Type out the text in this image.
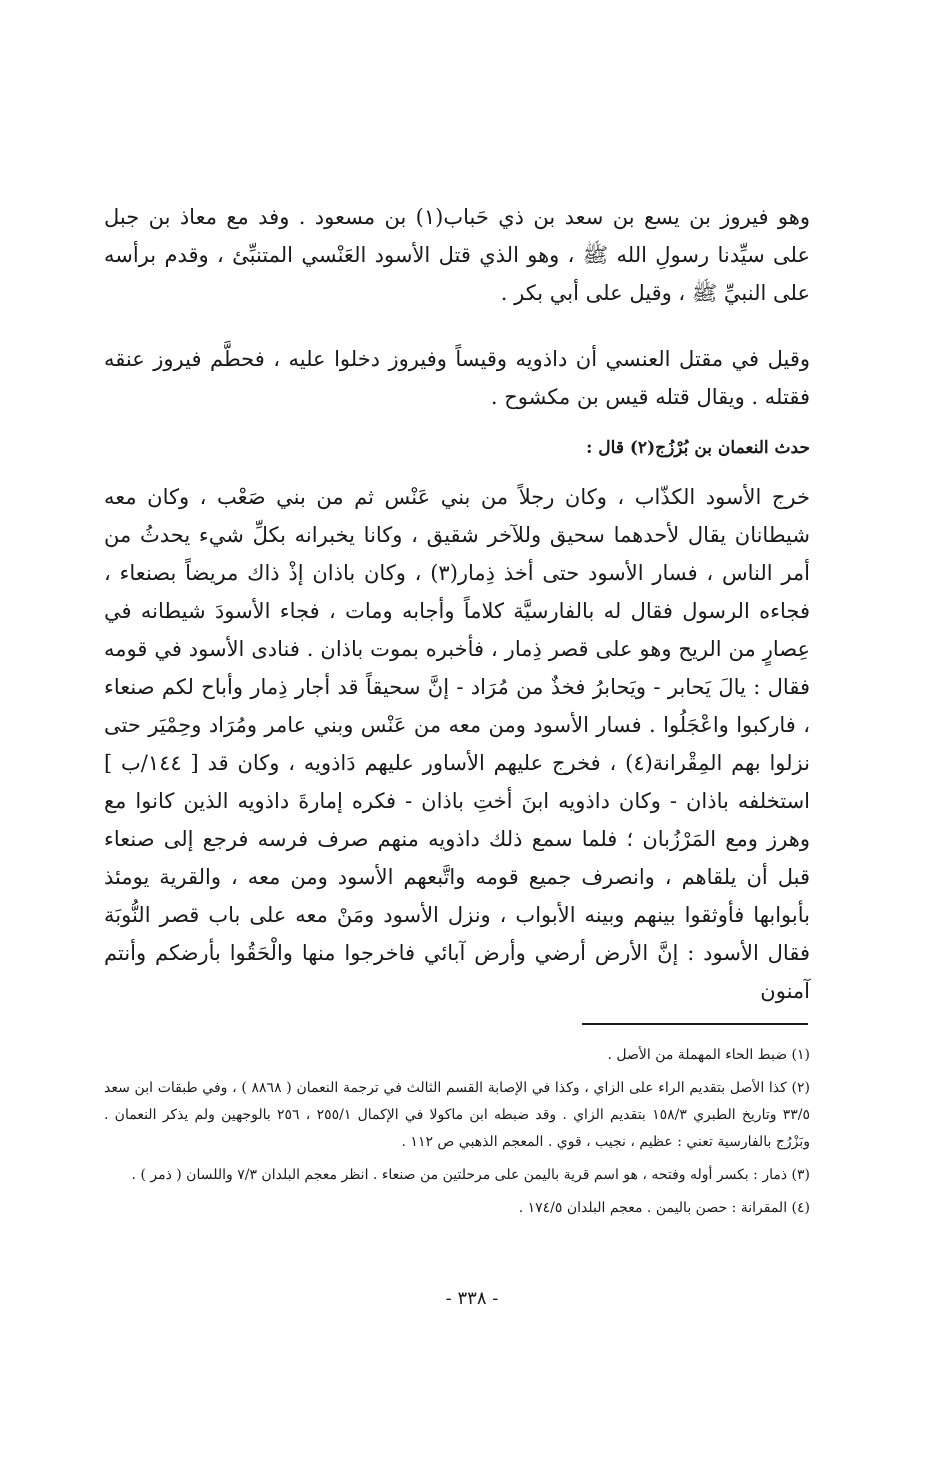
وهو فيروز بن يسع بن سعد بن ذي حَباب(١) بن مسعود . وفد مع معاذ بن جبل على سيِّدنا رسولِ الله ﷺ ، وهو الذي قتل الأسود العَنْسي المتنبِّئ ، وقدم برأسه على النبيِّ ﷺ ، وقيل على أبي بكر .
وقيل في مقتل العنسي أن داذويه وقيساً وفيروز دخلوا عليه ، فحطَّم فيروز عنقه فقتله . ويقال قتله قيس بن مكشوح .
حدث النعمان بن بُرْزُج(٢) قال :
خرج الأسود الكذّاب ، وكان رجلاً من بني عَنْس ثم من بني صَعْب ، وكان معه شيطانان يقال لأحدهما سحيق وللآخر شقيق ، وكانا يخبرانه بكلِّ شيء يحدثُ من أمر الناس ، فسار الأسود حتى أخذ ذِمار(٣) ، وكان باذان إذْ ذاك مريضاً بصنعاء ، فجاءه الرسول فقال له بالفارسيَّة كلاماً وأجابه ومات ، فجاء الأسودَ شيطانه في عِصارٍ من الريح وهو على قصر ذِمار ، فأخبره بموت باذان . فنادى الأسود في قومه فقال : يالَ يَحابر - ويَحابرُ فخذٌ من مُرَاد - إنَّ سحيقاً قد أجار ذِمار وأباح لكم صنعاء ، فاركبوا واعْجَلُوا . فسار الأسود ومن معه من عَنْس وبني عامر ومُرَاد وحِمْيَر حتى نزلوا بهم المِقْرانة(٤) ، فخرج عليهم الأساور عليهم دَاذويه ، وكان قد [ ١٤٤/ب ] استخلفه باذان - وكان داذويه ابنَ أختِ باذان - فكره إمارةَ داذويه الذين كانوا مع وهرز ومع المَرْزُبان ؛ فلما سمع ذلك داذويه منهم صرف فرسه فرجع إلى صنعاء قبل أن يلقاهم ، وانصرف جميع قومه واتَّبعهم الأسود ومن معه ، والقرية يومئذ بأبوابها فأوثقوا بينهم وبينه الأبواب ، ونزل الأسود ومَنْ معه على باب قصر النُّوبَة فقال الأسود : إنَّ الأرض أرضي وأرض آبائي فاخرجوا منها والْحَقُوا بأرضكم وأنتم آمنون

(١) ضبط الحاء المهملة من الأصل .

(٢) كذا الأصل بتقديم الراء على الزاي ، وكذا في الإصابة القسم الثالث في ترجمة النعمان ( ٨٨٦٨ ) ، وفي طبقات ابن سعد ٣٣/٥ وتاريخ الطبري ١٥٨/٣ بتقديم الزاي . وقد ضبطه ابن ماكولا في الإكمال ٢٥٥/١ ، ٢٥٦ بالوجهين ولم يذكر النعمان . وبَزْرُج بالفارسية تعني : عظيم ، نجيب ، قوي . المعجم الذهبي ص ١١٢ .

(٣) ذمار : بكسر أوله وفتحه ، هو اسم قرية باليمن على مرحلتين من صنعاء . انظر معجم البلدان ٧/٣ واللسان ( ذمر ) .

(٤) المقرانة : حصن باليمن . معجم البلدان ١٧٤/٥ .

- ٣٣٨ -
